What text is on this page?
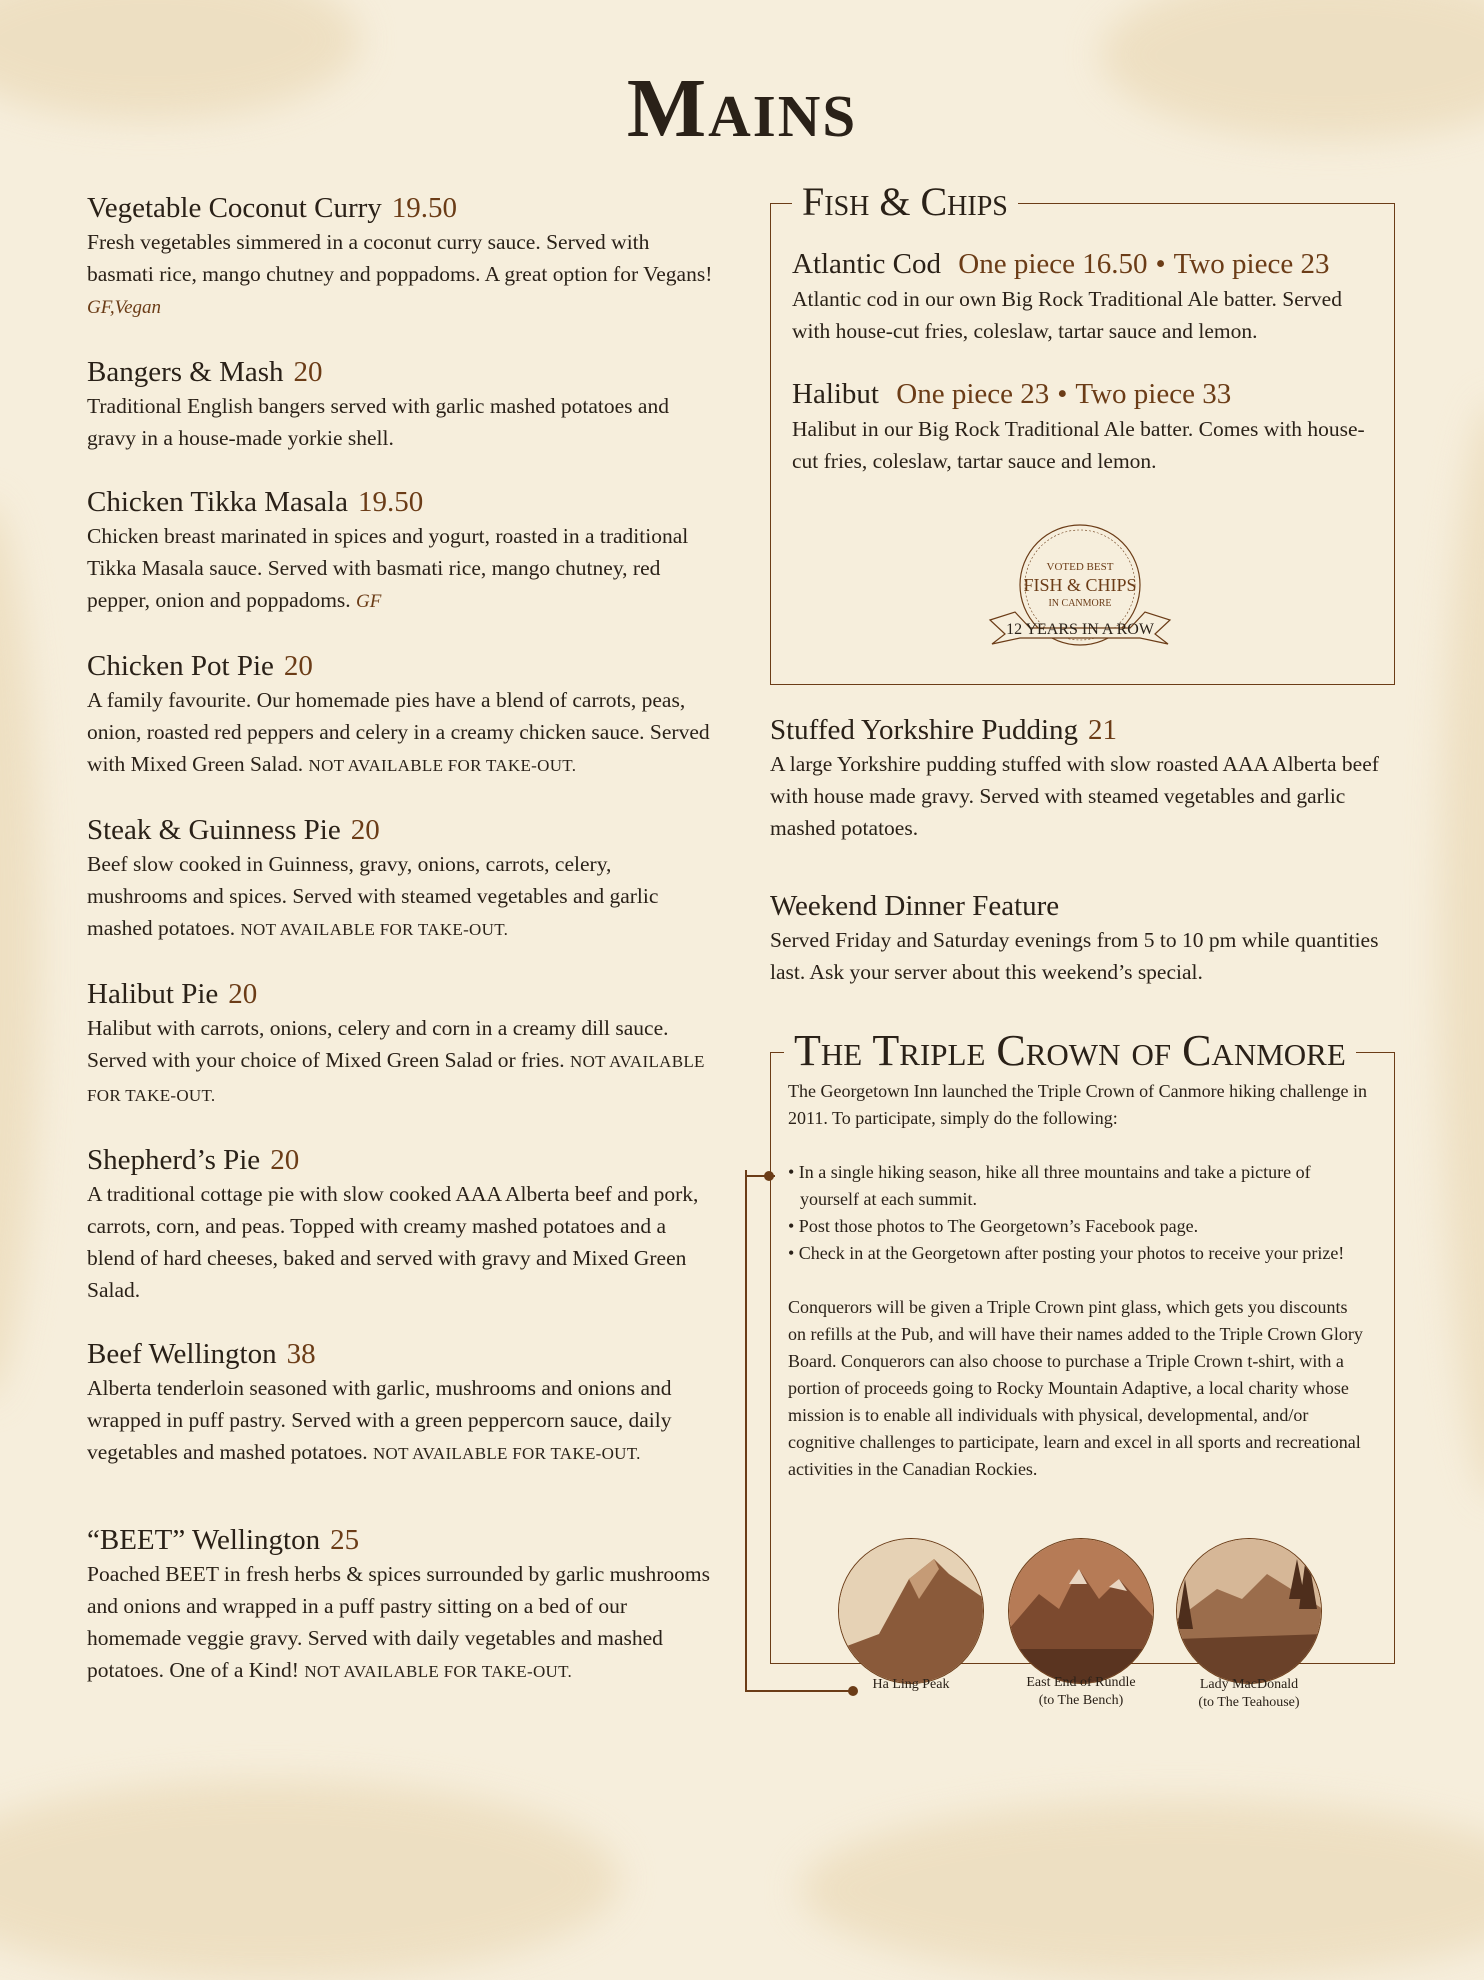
Mains
Vegetable Coconut Curry 19.50
Fresh vegetables simmered in a coconut curry sauce. Served with basmati rice, mango chutney and poppadoms. A great option for Vegans! GF,Vegan
Bangers & Mash 20
Traditional English bangers served with garlic mashed potatoes and gravy in a house-made yorkie shell.
Chicken Tikka Masala 19.50
Chicken breast marinated in spices and yogurt, roasted in a traditional Tikka Masala sauce. Served with basmati rice, mango chutney, red pepper, onion and poppadoms. GF
Chicken Pot Pie 20
A family favourite. Our homemade pies have a blend of carrots, peas, onion, roasted red peppers and celery in a creamy chicken sauce. Served with Mixed Green Salad. NOT AVAILABLE FOR TAKE-OUT.
Steak & Guinness Pie 20
Beef slow cooked in Guinness, gravy, onions, carrots, celery, mushrooms and spices. Served with steamed vegetables and garlic mashed potatoes. NOT AVAILABLE FOR TAKE-OUT.
Halibut Pie 20
Halibut with carrots, onions, celery and corn in a creamy dill sauce. Served with your choice of Mixed Green Salad or fries. NOT AVAILABLE FOR TAKE-OUT.
Shepherd’s Pie 20
A traditional cottage pie with slow cooked AAA Alberta beef and pork, carrots, corn, and peas. Topped with creamy mashed potatoes and a blend of hard cheeses, baked and served with gravy and Mixed Green Salad.
Beef Wellington 38
Alberta tenderloin seasoned with garlic, mushrooms and onions and wrapped in puff pastry. Served with a green peppercorn sauce, daily vegetables and mashed potatoes. NOT AVAILABLE FOR TAKE-OUT.
“BEET” Wellington 25
Poached BEET in fresh herbs & spices surrounded by garlic mushrooms and onions and wrapped in a puff pastry sitting on a bed of our homemade veggie gravy. Served with daily vegetables and mashed potatoes. One of a Kind! NOT AVAILABLE FOR TAKE-OUT.
Fish & Chips
Atlantic Cod One piece 16.50 • Two piece 23
Atlantic cod in our own Big Rock Traditional Ale batter. Served with house-cut fries, coleslaw, tartar sauce and lemon.
Halibut One piece 23 • Two piece 33
Halibut in our Big Rock Traditional Ale batter. Comes with house-cut fries, coleslaw, tartar sauce and lemon.
VOTED BEST
FISH & CHIPS
IN CANMORE
12 YEARS IN A ROW
Stuffed Yorkshire Pudding 21
A large Yorkshire pudding stuffed with slow roasted AAA Alberta beef with house made gravy. Served with steamed vegetables and garlic mashed potatoes.
Weekend Dinner Feature
Served Friday and Saturday evenings from 5 to 10 pm while quantities last. Ask your server about this weekend’s special.
The Triple Crown of Canmore

The Georgetown Inn launched the Triple Crown of Canmore hiking challenge in 2011. To participate, simply do the following:

• In a single hiking season, hike all three mountains and take a picture of yourself at each summit.
• Post those photos to The Georgetown’s Facebook page.
• Check in at the Georgetown after posting your photos to receive your prize!

Conquerors will be given a Triple Crown pint glass, which gets you discounts on refills at the Pub, and will have their names added to the Triple Crown Glory Board. Conquerors can also choose to purchase a Triple Crown t-shirt, with a portion of proceeds going to Rocky Mountain Adaptive, a local charity whose mission is to enable all individuals with physical, developmental, and/or cognitive challenges to participate, learn and excel in all sports and recreational activities in the Canadian Rockies.

Ha Ling Peak	East End of Rundle
(to The Bench)
Lady MacDonald
(to The Teahouse)
